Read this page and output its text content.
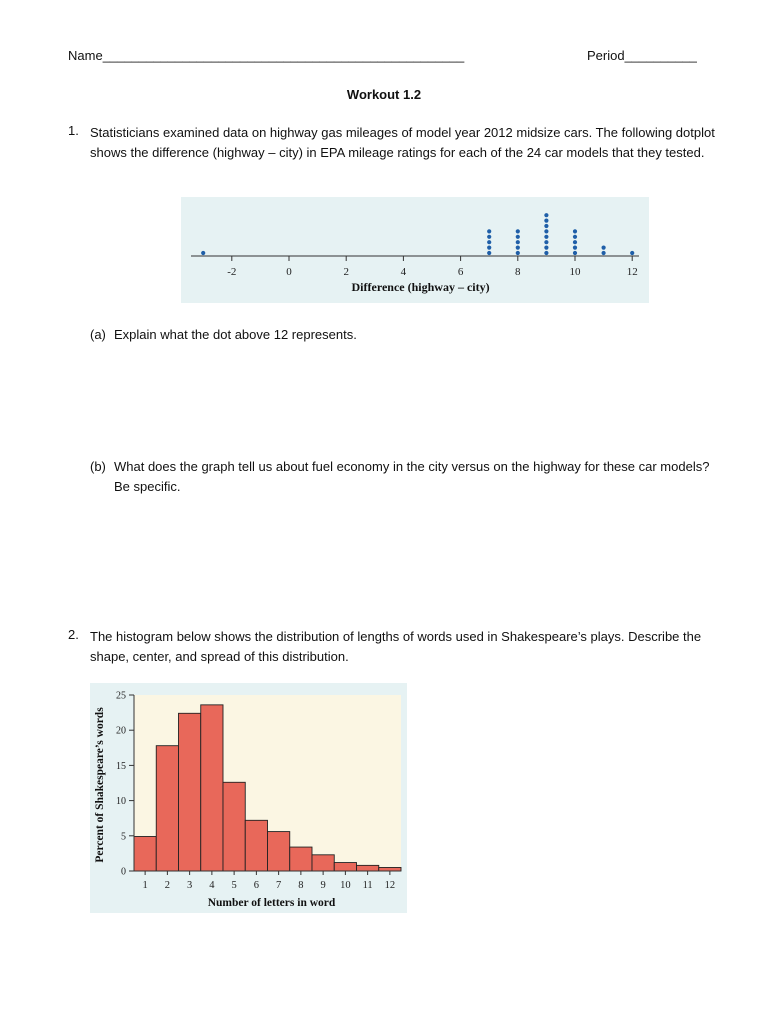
Name__________________________________________________	Period__________
Workout 1.2
1. Statisticians examined data on highway gas mileages of model year 2012 midsize cars. The following dotplot shows the difference (highway – city) in EPA mileage ratings for each of the 24 car models that they tested.
-2	0	2	4	6	8	10	12
Difference (highway – city)
(a) Explain what the dot above 12 represents.
(b) What does the graph tell us about fuel economy in the city versus on the highway for these car models? Be specific.
2. The histogram below shows the distribution of lengths of words used in Shakespeare’s plays. Describe the shape, center, and spread of this distribution.
1 2 3 4 5 6 7 8 9 10 11 12
0
5
10
15
20
25
Number of letters in word
Percent of Shakespeare’s words
